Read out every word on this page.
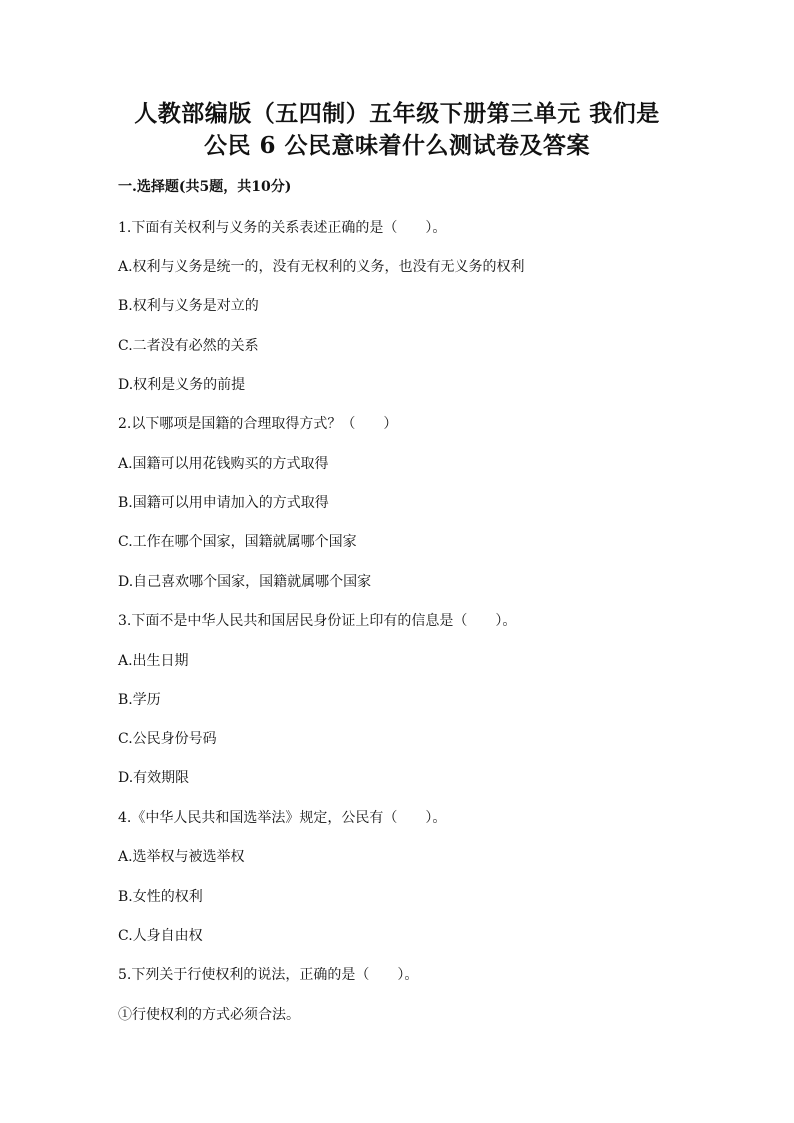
人教部编版（五四制）五年级下册第三单元 我们是
公民 6 公民意味着什么测试卷及答案
一.选择题(共5题，共10分)
1.下面有关权利与义务的关系表述正确的是（　　）。
A.权利与义务是统一的，没有无权利的义务，也没有无义务的权利
B.权利与义务是对立的
C.二者没有必然的关系
D.权利是义务的前提
2.以下哪项是国籍的合理取得方式？（　　）
A.国籍可以用花钱购买的方式取得
B.国籍可以用申请加入的方式取得
C.工作在哪个国家，国籍就属哪个国家
D.自己喜欢哪个国家，国籍就属哪个国家
3.下面不是中华人民共和国居民身份证上印有的信息是（　　）。
A.出生日期
B.学历
C.公民身份号码
D.有效期限
4.《中华人民共和国选举法》规定，公民有（　　）。
A.选举权与被选举权
B.女性的权利
C.人身自由权
5.下列关于行使权利的说法，正确的是（　　）。
①行使权利的方式必须合法。
